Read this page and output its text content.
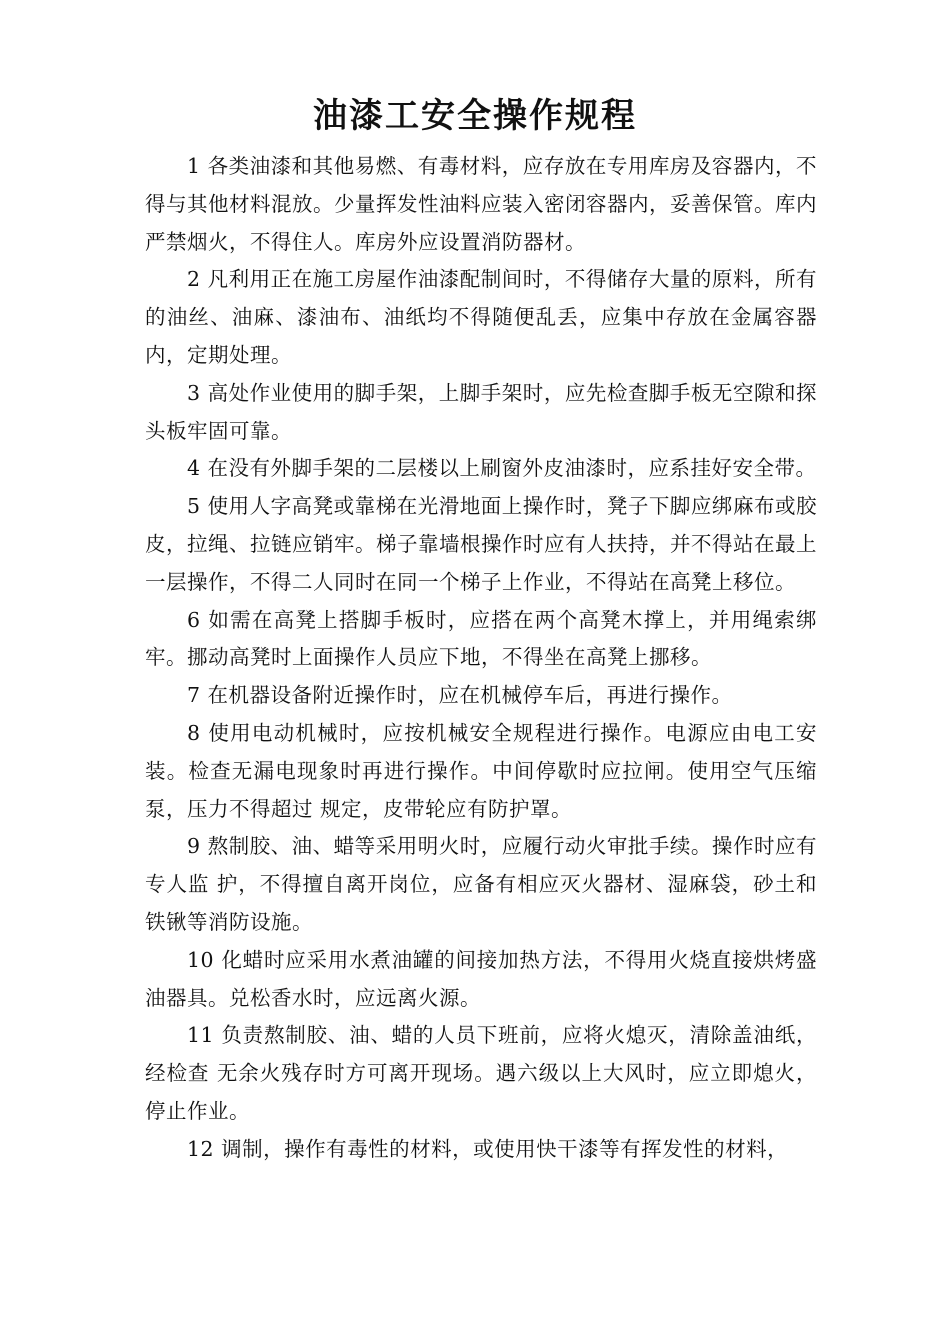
油漆工安全操作规程

1 各类油漆和其他易燃、有毒材料，应存放在专用库房及容器内，不得与其他材料混放。少量挥发性油料应装入密闭容器内，妥善保管。库内严禁烟火，不得住人。库房外应设置消防器材。

2 凡利用正在施工房屋作油漆配制间时，不得储存大量的原料，所有的油丝、油麻、漆油布、油纸均不得随便乱丢，应集中存放在金属容器内，定期处理。

3 高处作业使用的脚手架，上脚手架时，应先检查脚手板无空隙和探头板牢固可靠。

4 在没有外脚手架的二层楼以上刷窗外皮油漆时，应系挂好安全带。

5 使用人字高凳或靠梯在光滑地面上操作时，凳子下脚应绑麻布或胶皮，拉绳、拉链应销牢。梯子靠墙根操作时应有人扶持，并不得站在最上一层操作，不得二人同时在同一个梯子上作业，不得站在高凳上移位。

6 如需在高凳上搭脚手板时，应搭在两个高凳木撑上，并用绳索绑牢。挪动高凳时上面操作人员应下地，不得坐在高凳上挪移。

7 在机器设备附近操作时，应在机械停车后，再进行操作。

8 使用电动机械时，应按机械安全规程进行操作。电源应由电工安装。检查无漏电现象时再进行操作。中间停歇时应拉闸。使用空气压缩泵，压力不得超过 规定，皮带轮应有防护罩。

9 熬制胶、油、蜡等采用明火时，应履行动火审批手续。操作时应有专人监 护，不得擅自离开岗位，应备有相应灭火器材、湿麻袋，砂土和铁锹等消防设施。

10 化蜡时应采用水煮油罐的间接加热方法，不得用火烧直接烘烤盛油器具。兑松香水时，应远离火源。

11 负责熬制胶、油、蜡的人员下班前，应将火熄灭，清除盖油纸，经检查 无余火残存时方可离开现场。遇六级以上大风时，应立即熄火，停止作业。

12 调制，操作有毒性的材料，或使用快干漆等有挥发性的材料，
